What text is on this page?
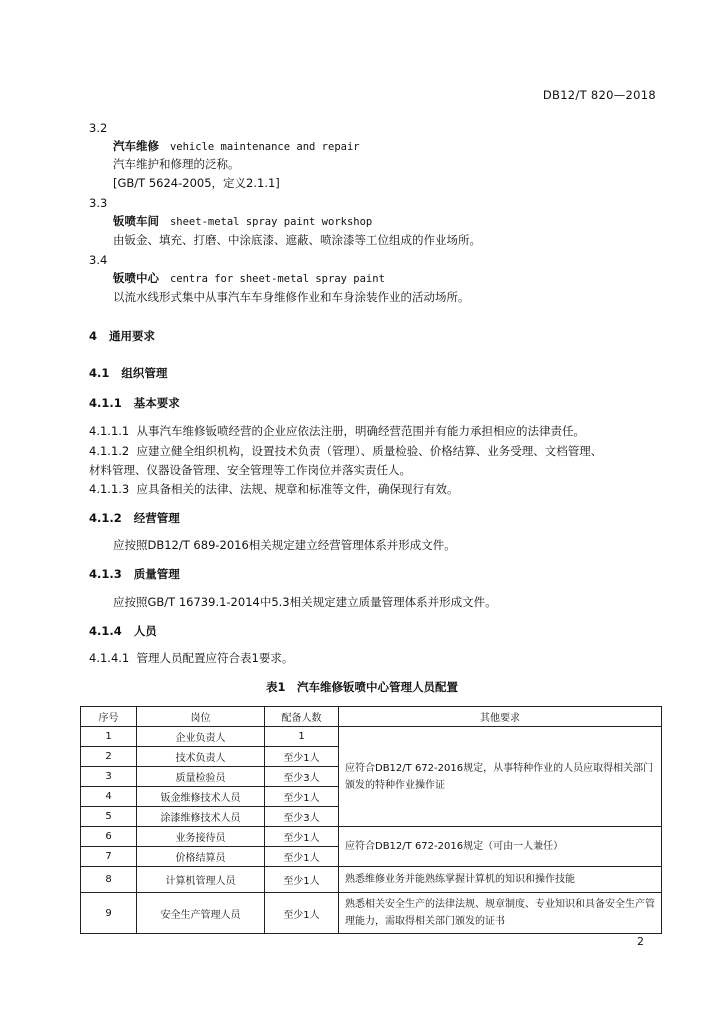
DB12/T 820—2018
3.2
汽车维修 vehicle maintenance and repair
汽车维护和修理的泛称。
[GB/T 5624-2005，定义2.1.1]
3.3
钣喷车间 sheet-metal spray paint workshop
由钣金、填充、打磨、中涂底漆、遮蔽、喷涂漆等工位组成的作业场所。
3.4
钣喷中心 centra for sheet-metal spray paint
以流水线形式集中从事汽车车身维修作业和车身涂装作业的活动场所。
4 通用要求
4.1 组织管理
4.1.1 基本要求
4.1.1.1 从事汽车维修钣喷经营的企业应依法注册，明确经营范围并有能力承担相应的法律责任。
4.1.1.2 应建立健全组织机构，设置技术负责（管理）、质量检验、价格结算、业务受理、文档管理、
材料管理、仪器设备管理、安全管理等工作岗位并落实责任人。
4.1.1.3 应具备相关的法律、法规、规章和标准等文件，确保现行有效。
4.1.2 经营管理
应按照DB12/T 689-2016相关规定建立经营管理体系并形成文件。
4.1.3 质量管理
应按照GB/T 16739.1-2014中5.3相关规定建立质量管理体系并形成文件。
4.1.4 人员
4.1.4.1 管理人员配置应符合表1要求。
表1　汽车维修钣喷中心管理人员配置
序号	岗位	配备人数	其他要求
1	企业负责人	1	应符合DB12/T 672-2016规定，从事特种作业的人员应取得相关部门颁发的特种作业操作证
2	技术负责人	至少1人	
3	质量检验员	至少3人	
4	钣金维修技术人员	至少1人	
5	涂漆维修技术人员	至少3人	
6	业务接待员	至少1人	应符合DB12/T 672-2016规定（可由一人兼任）
7	价格结算员	至少1人	
8	计算机管理人员	至少1人	熟悉维修业务并能熟练掌握计算机的知识和操作技能
9	安全生产管理人员	至少1人	熟悉相关安全生产的法律法规、规章制度、专业知识和具备安全生产管理能力，需取得相关部门颁发的证书
2
